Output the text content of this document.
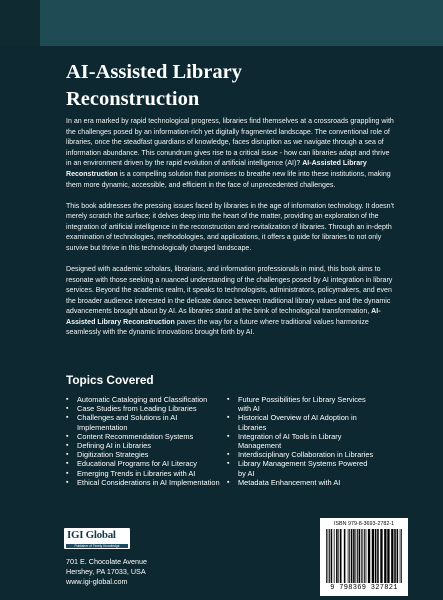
AI-Assisted Library
Reconstruction

In an era marked by rapid technological progress, libraries find themselves at a crossroads grappling with the challenges posed by an information-rich yet digitally fragmented landscape. The conventional role of libraries, once the steadfast guardians of knowledge, faces disruption as we navigate through a sea of information abundance. This conundrum gives rise to a critical issue - how can libraries adapt and thrive in an environment driven by the rapid evolution of artificial intelligence (AI)? AI-Assisted Library Reconstruction is a compelling solution that promises to breathe new life into these institutions, making them more dynamic, accessible, and efficient in the face of unprecedented challenges.

This book addresses the pressing issues faced by libraries in the age of information technology. It doesn't merely scratch the surface; it delves deep into the heart of the matter, providing an exploration of the integration of artificial intelligence in the reconstruction and revitalization of libraries. Through an in-depth examination of technologies, methodologies, and applications, it offers a guide for libraries to not only survive but thrive in this technologically charged landscape.

Designed with academic scholars, librarians, and information professionals in mind, this book aims to resonate with those seeking a nuanced understanding of the challenges posed by AI integration in library services. Beyond the academic realm, it speaks to technologists, administrators, policymakers, and even the broader audience interested in the delicate dance between traditional library values and the dynamic advancements brought about by AI. As libraries stand at the brink of technological transformation, AI-Assisted Library Reconstruction paves the way for a future where traditional values harmonize seamlessly with the dynamic innovations brought forth by AI.

Topics Covered
▪ Automatic Cataloging and Classification
▪ Case Studies from Leading Libraries
▪ Challenges and Solutions in AI Implementation
▪ Content Recommendation Systems
▪ Defining AI in Libraries
▪ Digitization Strategies
▪ Educational Programs for AI Literacy
▪ Emerging Trends in Libraries with AI
▪ Ethical Considerations in AI Implementation
▪ Future Possibilities for Library Services with AI
▪ Historical Overview of AI Adoption in Libraries
▪ Integration of AI Tools in Library Management
▪ Interdisciplinary Collaboration in Libraries
▪ Library Management Systems Powered by AI
▪ Metadata Enhancement with AI
IGI Global
Publisher of Timely Knowledge
701 E. Chocolate Avenue
Hershey, PA 17033, USA
www.igi-global.com
ISBN 979-8-3693-2782-1
9 798369 327821
